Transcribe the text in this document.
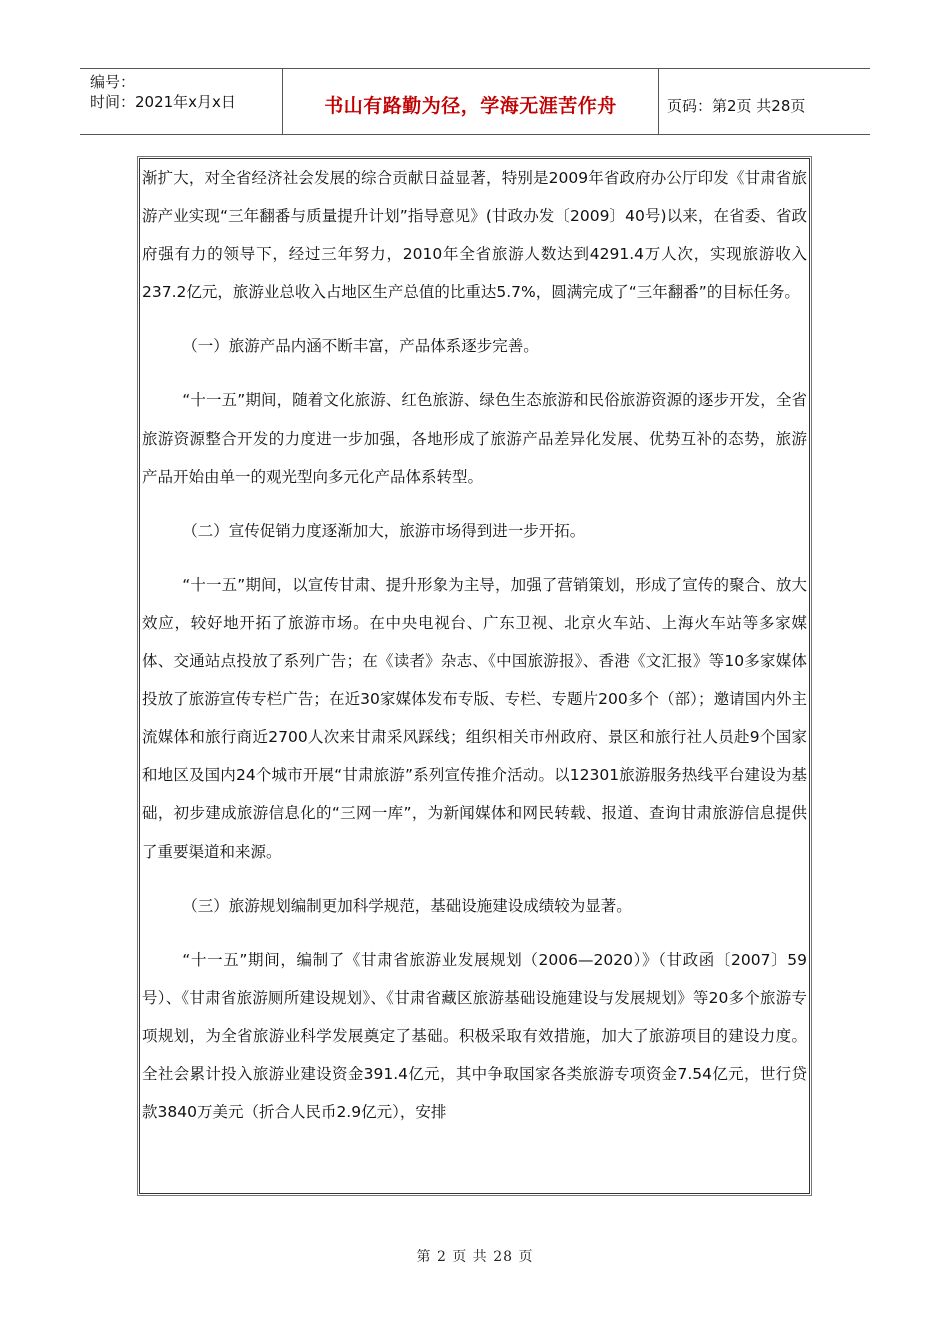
编号：
时间：2021年x月x日	书山有路勤为径，学海无涯苦作舟	页码：第2页 共28页

渐扩大，对全省经济社会发展的综合贡献日益显著，特别是2009年省政府办公厅印发《甘肃省旅游产业实现“三年翻番与质量提升计划”指导意见》(甘政办发〔2009〕40号)以来，在省委、省政府强有力的领导下，经过三年努力，2010年全省旅游人数达到4291.4万人次，实现旅游收入237.2亿元，旅游业总收入占地区生产总值的比重达5.7%，圆满完成了“三年翻番”的目标任务。

（一）旅游产品内涵不断丰富，产品体系逐步完善。

“十一五”期间，随着文化旅游、红色旅游、绿色生态旅游和民俗旅游资源的逐步开发，全省旅游资源整合开发的力度进一步加强，各地形成了旅游产品差异化发展、优势互补的态势，旅游产品开始由单一的观光型向多元化产品体系转型。

（二）宣传促销力度逐渐加大，旅游市场得到进一步开拓。

“十一五”期间，以宣传甘肃、提升形象为主导，加强了营销策划，形成了宣传的聚合、放大效应，较好地开拓了旅游市场。在中央电视台、广东卫视、北京火车站、上海火车站等多家媒体、交通站点投放了系列广告；在《读者》杂志、《中国旅游报》、香港《文汇报》等10多家媒体投放了旅游宣传专栏广告；在近30家媒体发布专版、专栏、专题片200多个（部）；邀请国内外主流媒体和旅行商近2700人次来甘肃采风踩线；组织相关市州政府、景区和旅行社人员赴9个国家和地区及国内24个城市开展“甘肃旅游”系列宣传推介活动。以12301旅游服务热线平台建设为基础，初步建成旅游信息化的“三网一库”，为新闻媒体和网民转载、报道、查询甘肃旅游信息提供了重要渠道和来源。

（三）旅游规划编制更加科学规范，基础设施建设成绩较为显著。

“十一五”期间，编制了《甘肃省旅游业发展规划（2006—2020）》（甘政函〔2007〕59号）、《甘肃省旅游厕所建设规划》、《甘肃省藏区旅游基础设施建设与发展规划》等20多个旅游专项规划，为全省旅游业科学发展奠定了基础。积极采取有效措施，加大了旅游项目的建设力度。全社会累计投入旅游业建设资金391.4亿元，其中争取国家各类旅游专项资金7.54亿元，世行贷款3840万美元（折合人民币2.9亿元），安排

第 2 页 共 28 页
